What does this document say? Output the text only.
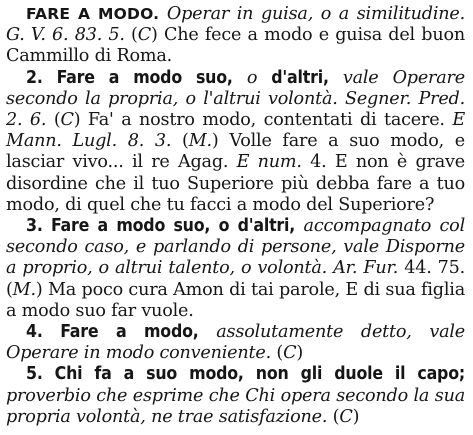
FARE A MODO. Operar in guisa, o a similitudine. G. V. 6. 83. 5. (C) Che fece a modo e guisa del buon Cammillo di Roma.

2. Fare a modo suo, o d'altri, vale Operare secondo la propria, o l'altrui volontà. Segner. Pred. 2. 6. (C) Fa' a nostro modo, contentati di tacere. E Mann. Lugl. 8. 3. (M.) Volle fare a suo modo, e lasciar vivo... il re Agag. E num. 4. E non è grave disordine che il tuo Superiore più debba fare a tuo modo, di quel che tu facci a modo del Superiore?

3. Fare a modo suo, o d'altri, accompagnato col secondo caso, e parlando di persone, vale Disporne a proprio, o altrui talento, o volontà. Ar. Fur. 44. 75. (M.) Ma poco cura Amon di tai parole, E di sua figlia a modo suo far vuole.

4. Fare a modo, assolutamente detto, vale Operare in modo conveniente. (C)

5. Chi fa a suo modo, non gli duole il capo; proverbio che esprime che Chi opera secondo la sua propria volontà, ne trae satisfazione. (C)
